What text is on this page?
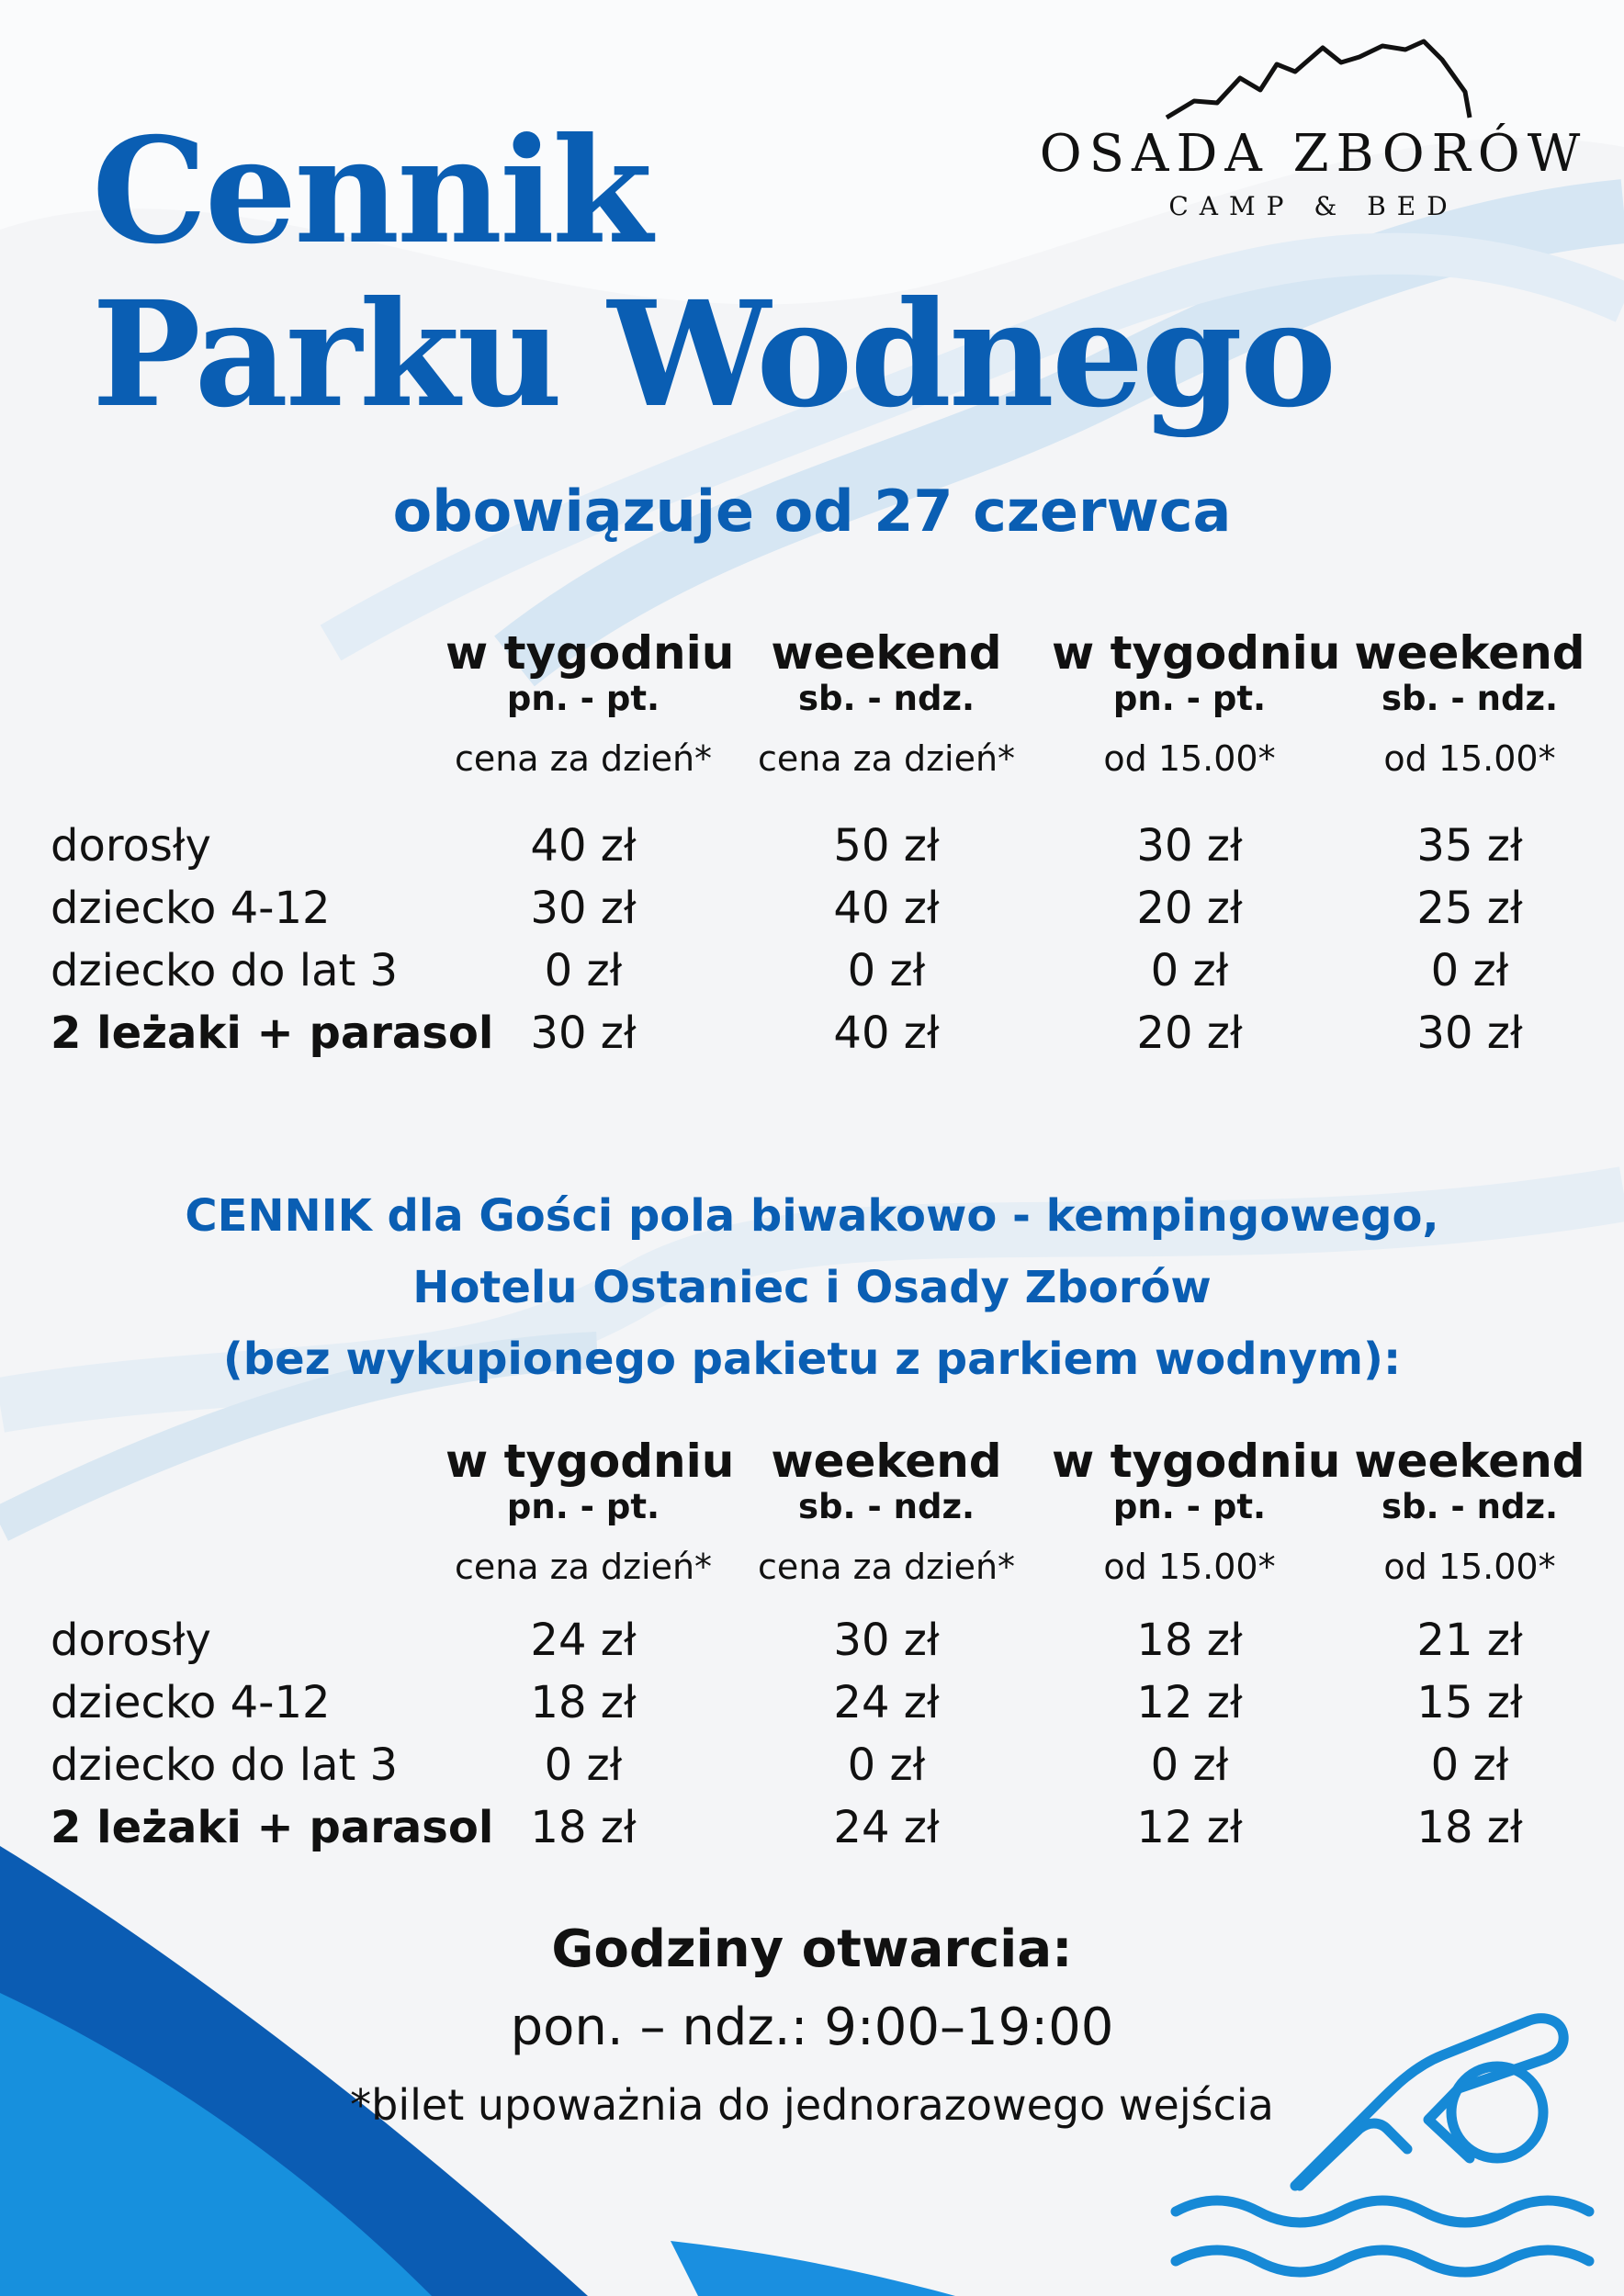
Cennik
Parku Wodnego
OSADA ZBORÓW
CAMP & BED
obowiązuje od 27 czerwca
w tygodniu
pn. - pt.
cena za dzień*
weekend
sb. - ndz.
cena za dzień*
w tygodniu
pn. - pt.
od 15.00*
weekend
sb. - ndz.
od 15.00*
dorosły	40 zł	50 zł	30 zł	35 zł
dziecko 4-12	30 zł	40 zł	20 zł	25 zł
dziecko do lat 3	0 zł	0 zł	0 zł	0 zł
2 leżaki + parasol 30 zł	40 zł	20 zł	30 zł
CENNIK dla Gości pola biwakowo - kempingowego,
Hotelu Ostaniec i Osady Zborów
(bez wykupionego pakietu z parkiem wodnym):
w tygodniu
pn. - pt.
cena za dzień*
weekend
sb. - ndz.
cena za dzień*
w tygodniu
pn. - pt.
od 15.00*
weekend
sb. - ndz.
od 15.00*
dorosły	24 zł	30 zł	18 zł	21 zł
dziecko 4-12	18 zł	24 zł	12 zł	15 zł
dziecko do lat 3	0 zł	0 zł	0 zł	0 zł
2 leżaki + parasol 18 zł	24 zł	12 zł	18 zł
Godziny otwarcia:
pon. – ndz.: 9:00–19:00
*bilet upoważnia do jednorazowego wejścia
